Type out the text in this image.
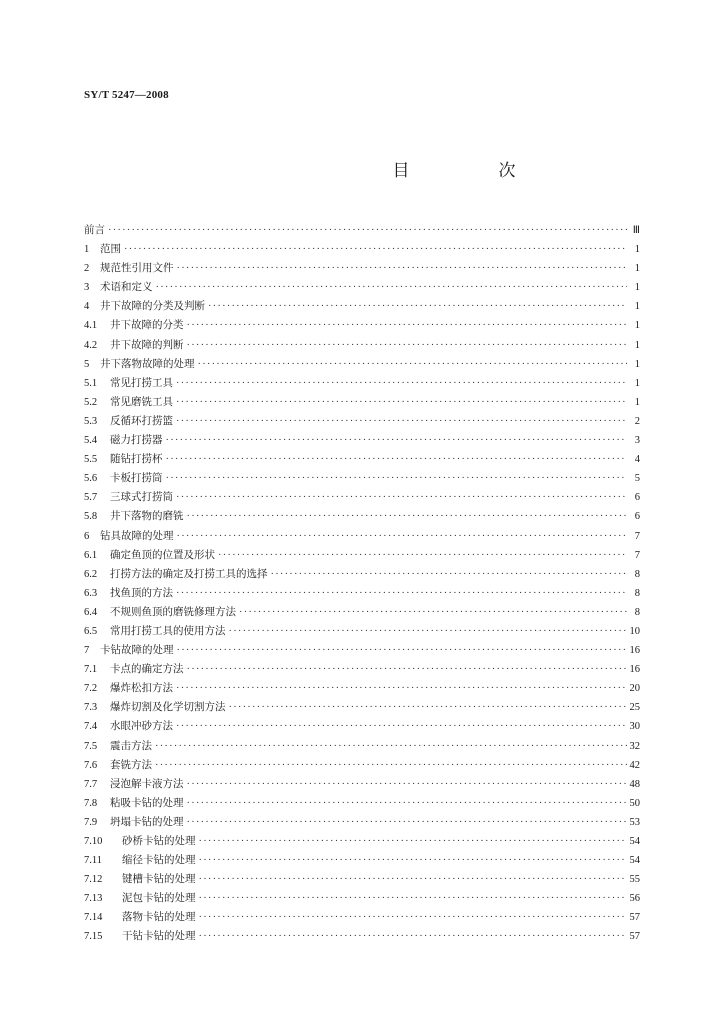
SY/T 5247—2008
目　次
前言 ·····	Ⅲ
1	范围 ·····	1
2	规范性引用文件 ·····	1
3	术语和定义 ·····	1
4	井下故障的分类及判断 ·····	1
4.1	井下故障的分类 ·····	1
4.2	井下故障的判断 ·····	1
5	井下落物故障的处理 ·····	1
5.1	常见打捞工具 ·····	1
5.2	常见磨铣工具 ·····	1
5.3	反循环打捞篮 ·····	2
5.4	磁力打捞器 ·····	3
5.5	随钻打捞杯 ·····	4
5.6	卡板打捞筒 ·····	5
5.7	三球式打捞筒 ·····	6
5.8	井下落物的磨铣 ·····	6
6	钻具故障的处理 ·····	7
6.1	确定鱼顶的位置及形状 ·····	7
6.2	打捞方法的确定及打捞工具的选择 ·····	8
6.3	找鱼顶的方法 ·····	8
6.4	不规则鱼顶的磨铣修理方法 ·····	8
6.5	常用打捞工具的使用方法 ·····	10
7	卡钻故障的处理 ·····	16
7.1	卡点的确定方法 ·····	16
7.2	爆炸松扣方法 ·····	20
7.3	爆炸切割及化学切割方法 ·····	25
7.4	水眼冲砂方法 ·····	30
7.5	震击方法 ·····	32
7.6	套铣方法 ·····	42
7.7	浸泡解卡液方法 ·····	48
7.8	粘吸卡钻的处理 ·····	50
7.9	坍塌卡钻的处理 ·····	53
7.10	砂桥卡钻的处理 ·····	54
7.11	缩径卡钻的处理 ·····	54
7.12	键槽卡钻的处理 ·····	55
7.13	泥包卡钻的处理 ·····	56
7.14	落物卡钻的处理 ·····	57
7.15	干钻卡钻的处理 ·····	57
